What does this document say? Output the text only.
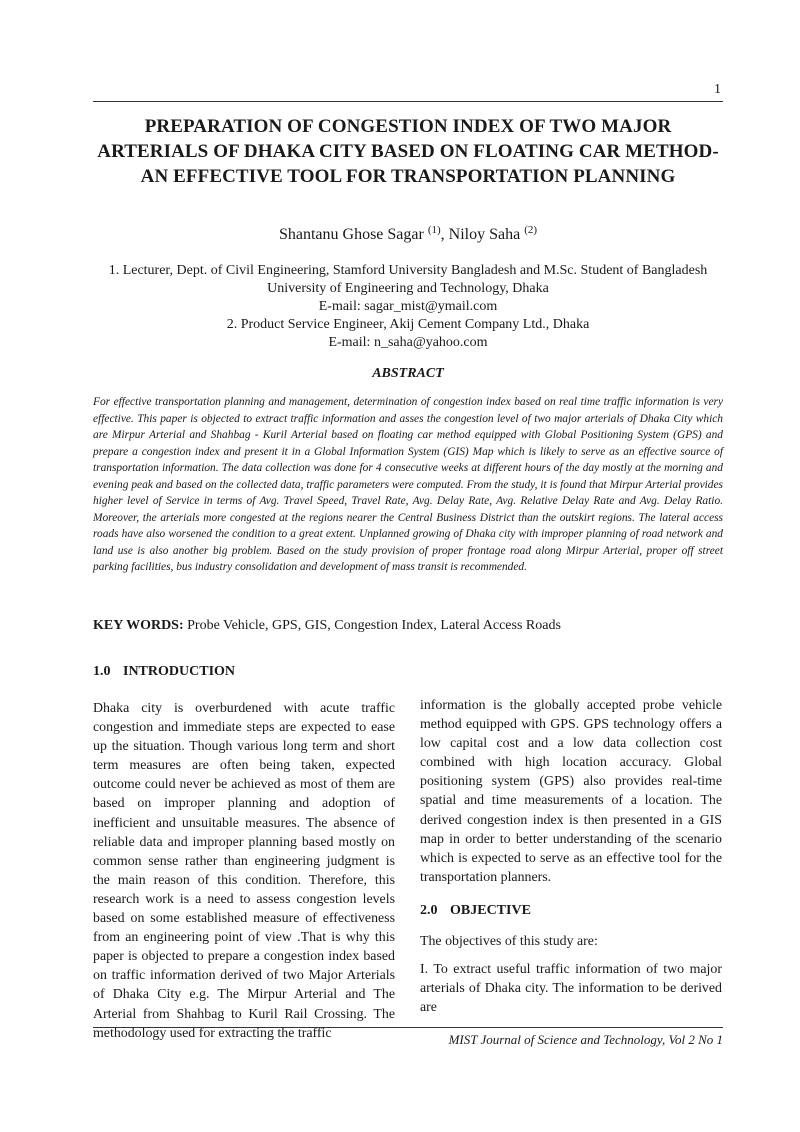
1
PREPARATION OF CONGESTION INDEX OF TWO MAJOR ARTERIALS OF DHAKA CITY BASED ON FLOATING CAR METHOD-AN EFFECTIVE TOOL FOR TRANSPORTATION PLANNING
Shantanu Ghose Sagar $^{(1)}$, Niloy Saha $^{(2)}$
1. Lecturer, Dept. of Civil Engineering, Stamford University Bangladesh and M.Sc. Student of Bangladesh
University of Engineering and Technology, Dhaka
E-mail: sagar_mist@ymail.com
2. Product Service Engineer, Akij Cement Company Ltd., Dhaka
E-mail: n_saha@yahoo.com
ABSTRACT
For effective transportation planning and management, determination of congestion index based on real time traffic information is very effective. This paper is objected to extract traffic information and asses the congestion level of two major arterials of Dhaka City which are Mirpur Arterial and Shahbag - Kuril Arterial based on floating car method equipped with Global Positioning System (GPS) and prepare a congestion index and present it in a Global Information System (GIS) Map which is likely to serve as an effective source of transportation information. The data collection was done for 4 consecutive weeks at different hours of the day mostly at the morning and evening peak and based on the collected data, traffic parameters were computed. From the study, it is found that Mirpur Arterial provides higher level of Service in terms of Avg. Travel Speed, Travel Rate, Avg. Delay Rate, Avg. Relative Delay Rate and Avg. Delay Ratio. Moreover, the arterials more congested at the regions nearer the Central Business District than the outskirt regions. The lateral access roads have also worsened the condition to a great extent. Unplanned growing of Dhaka city with improper planning of road network and land use is also another big problem. Based on the study provision of proper frontage road along Mirpur Arterial, proper off street parking facilities, bus industry consolidation and development of mass transit is recommended.
KEY WORDS: Probe Vehicle, GPS, GIS, Congestion Index, Lateral Access Roads
1.0 INTRODUCTION

Dhaka city is overburdened with acute traffic congestion and immediate steps are expected to ease up the situation. Though various long term and short term measures are often being taken, expected outcome could never be achieved as most of them are based on improper planning and adoption of inefficient and unsuitable measures. The absence of reliable data and improper planning based mostly on common sense rather than engineering judgment is the main reason of this condition. Therefore, this research work is a need to assess congestion levels based on some established measure of effectiveness from an engineering point of view .That is why this paper is objected to prepare a congestion index based on traffic information derived of two Major Arterials of Dhaka City e.g. The Mirpur Arterial and The Arterial from Shahbag to Kuril Rail Crossing. The methodology used for extracting the traffic

information is the globally accepted probe vehicle method equipped with GPS. GPS technology offers a low capital cost and a low data collection cost combined with high location accuracy. Global positioning system (GPS) also provides real-time spatial and time measurements of a location. The derived congestion index is then presented in a GIS map in order to better understanding of the scenario which is expected to serve as an effective tool for the transportation planners.

2.0 OBJECTIVE

The objectives of this study are:

I. To extract useful traffic information of two major arterials of Dhaka city. The information to be derived are

MIST Journal of Science and Technology, Vol 2 No 1
